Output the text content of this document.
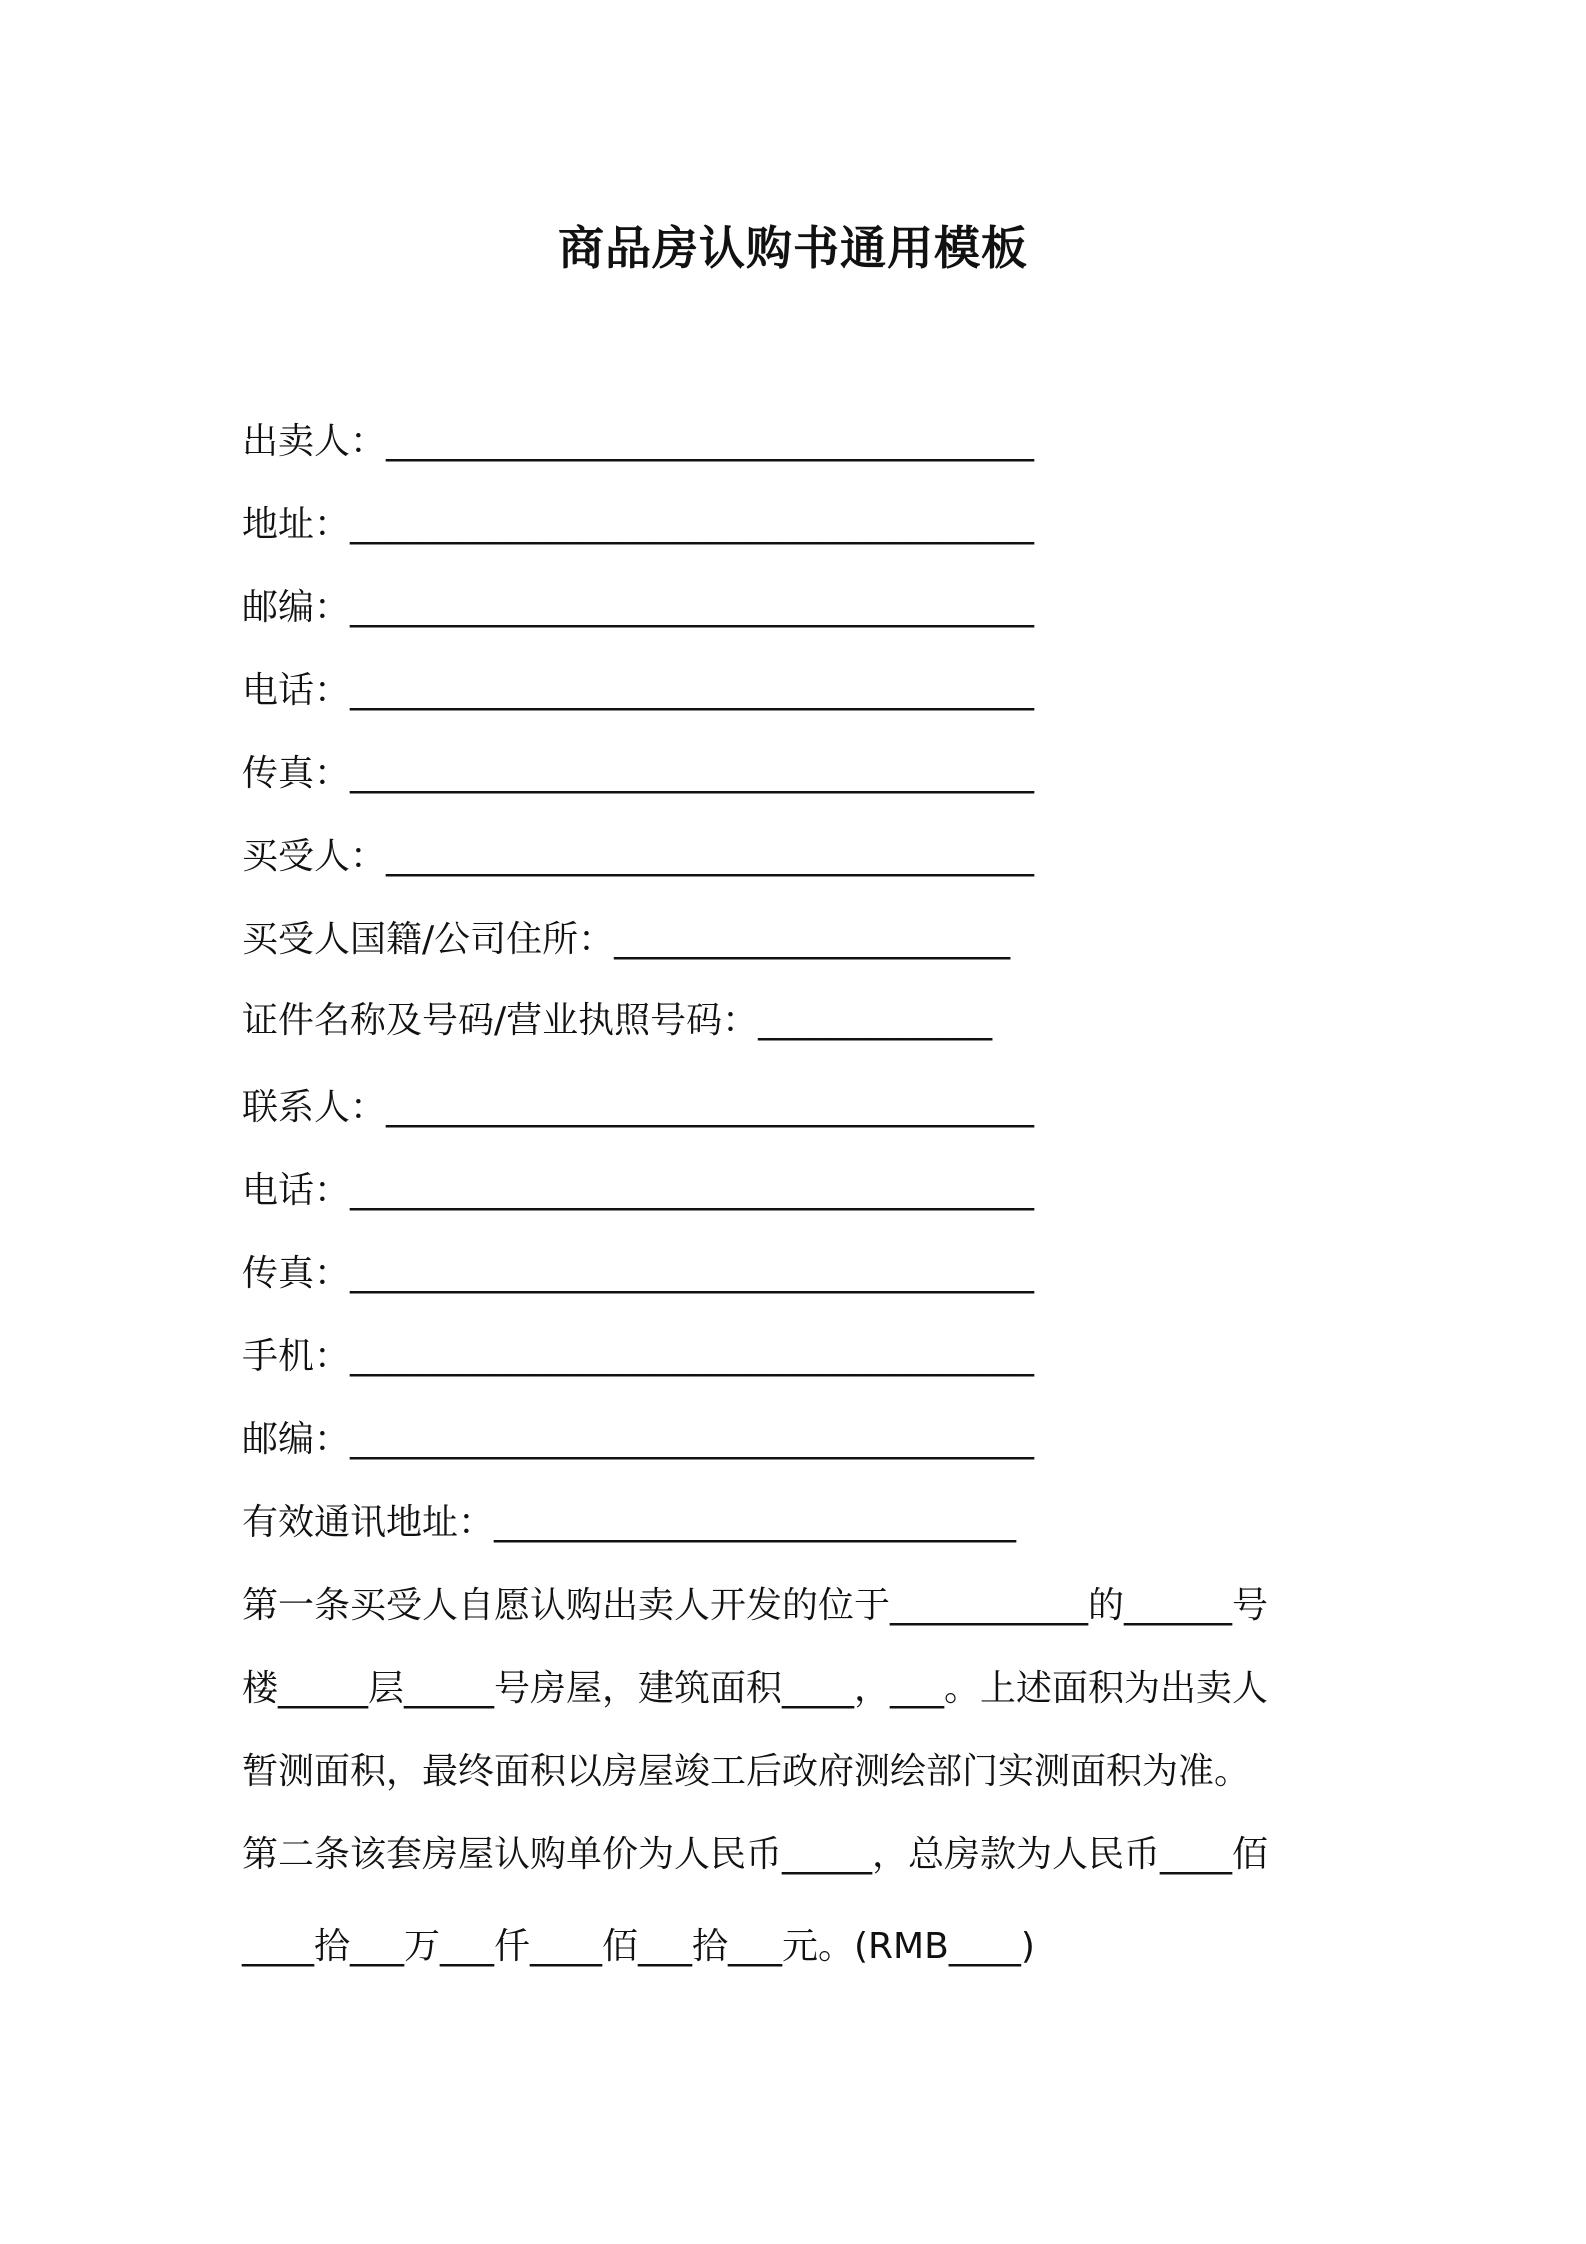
商品房认购书通用模板
出卖人：____________________________________
地址：______________________________________
邮编：______________________________________
电话：______________________________________
传真：______________________________________
买受人：____________________________________
买受人国籍/公司住所：______________________
证件名称及号码/营业执照号码：_____________
联系人：____________________________________
电话：______________________________________
传真：______________________________________
手机：______________________________________
邮编：______________________________________
有效通讯地址：_____________________________
第一条买受人自愿认购出卖人开发的位于___________的______号
楼_____层_____号房屋，建筑面积____，___。上述面积为出卖人
暂测面积，最终面积以房屋竣工后政府测绘部门实测面积为准。
第二条该套房屋认购单价为人民币_____，总房款为人民币____佰
____拾___万___仟____佰___拾___元。(RMB____)
